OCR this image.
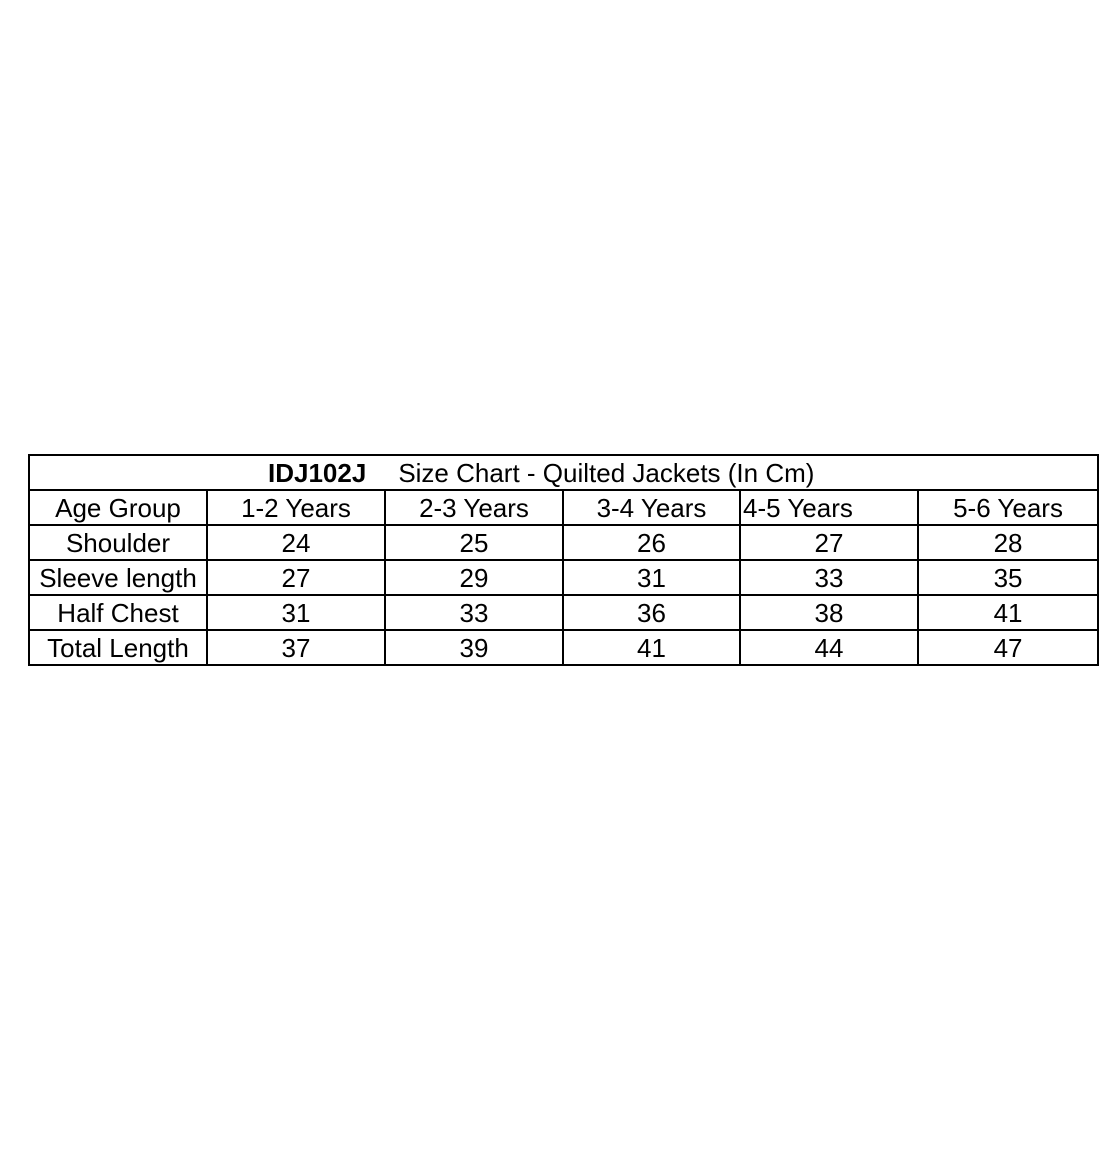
IDJ102J Size Chart - Quilted Jackets (In Cm)					
Age Group	1-2 Years	2-3 Years	3-4 Years	4-5 Years	5-6 Years
Shoulder	24	25	26	27	28
Sleeve length	27	29	31	33	35
Half Chest	31	33	36	38	41
Total Length	37	39	41	44	47
